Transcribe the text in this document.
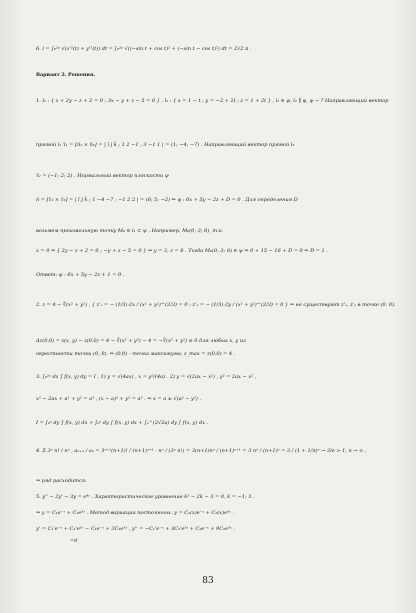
6. l = ∫₀²ᵖ √(x'²(t) + y'²(t)) dt = ∫₀²ᵖ √((−sin t + cos t)² + (−sin t − cos t)²) dt = 2√2 π .
Вариант 2. Решения.
1. l₁ : { x + 2y − z + 2 = 0 ; 3x − y + z − 5 = 0 } , l₂ : { x = 1 − t ; y = −2 + 2t ; z = 1 + 2t } , l₁ ∈ ψ, l₂ ∥ ψ, ψ − ? Направляющий вектор
прямой l₁ τ̄₁ = [n̄₁ × n̄₂] = | ī j̄ k̄ ; 1 2 −1 ; 3 −1 1 | = (1; −4; −7) . Направляющий вектор прямой l₂
τ̄₂ = (−1; 2; 2) . Нормальный вектор плоскости ψ
n̄ = [τ̄₁ × τ̄₂] = | ī j̄ k̄ ; 1 −4 −7 ; −1 2 2 | = (6; 5; −2) ⇒ ψ : 6x + 5y − 2z + D = 0 . Для определения D
возьмем произвольную точку M₀ ∈ l₁ ⊂ ψ . Например, M₀(0; 3; 8), т.к.
x = 0 ⇒ { 2y − z + 2 = 0 ; −y + z − 5 = 0 } ⇒ y = 3, z = 8 . Тогда M₀(0; 3; 8) ∈ ψ ⇒ 0 + 15 − 16 + D = 0 ⇒ D = 1 .
Ответ: ψ : 6x + 5y − 2z + 1 = 0 .
2. z = 4 − ∛(x² + y²) , { z'ₓ = − (1/3)·2x / (x² + y²)^(2/3) = 0 ; z'ᵧ = − (1/3)·2y / (x² + y²)^(2/3) = 0 } ⇒ не существуют z'ₓ, z'ᵧ в точке (0, 0).
Δz(0,0) = z(x, y) − z(0,0) = 4 − ∛(x² + y²) − 4 = −∛(x² + y²) ≤ 0 для любых x, y из
окрестности точки (0, 0). ⇒ (0,0) - точка максимума, z_max = z(0,0) = 4 .
3. ∫₀²ᵃ dx ∫ f(x, y) dy = I , 1) y = √(4ax) , x = y²/(4a) . 2) y = √(2ax − x²) , y² = 2ax − x² ,
x² − 2ax + a² + y² = a² , (x − a)² + y² = a² . ⇒ x = a ± √(a² − y²) .
I = ∫₀ᵃ dy ∫ f(x, y) dx + ∫₀ᵃ dy ∫ f(x, y) dx + ∫ₐ^(2√2a) dy ∫ f(x, y) dx .
4. Σ 3ⁿ n! / nⁿ , aₙ₊₁ / aₙ = 3ⁿ⁺¹(n+1)! / (n+1)ⁿ⁺¹ · nⁿ / (3ⁿ n!) = 3(n+1)nⁿ / (n+1)ⁿ⁺¹ = 3 nⁿ / (n+1)ⁿ = 3 / (1 + 1/n)ⁿ → 3/e > 1, n → ∞ ,
⇒ ряд расходится.
5. y'' − 2y' − 3y = e⁴ˣ . Характеристическое уравнение k² − 2k − 3 = 0, k = −1; 3 .
⇒ y = C₁e⁻ˣ + C₂e³ˣ . Метод вариации постоянных. y = C₁(x)e⁻ˣ + C₂(x)e³ˣ .
y' = C₁'e⁻ˣ + C₂'e³ˣ − C₁e⁻ˣ + 3C₂e³ˣ , y'' = −C₁'e⁻ˣ + 3C₂'e³ˣ + C₁e⁻ˣ + 9C₂e³ˣ .
=0
83
